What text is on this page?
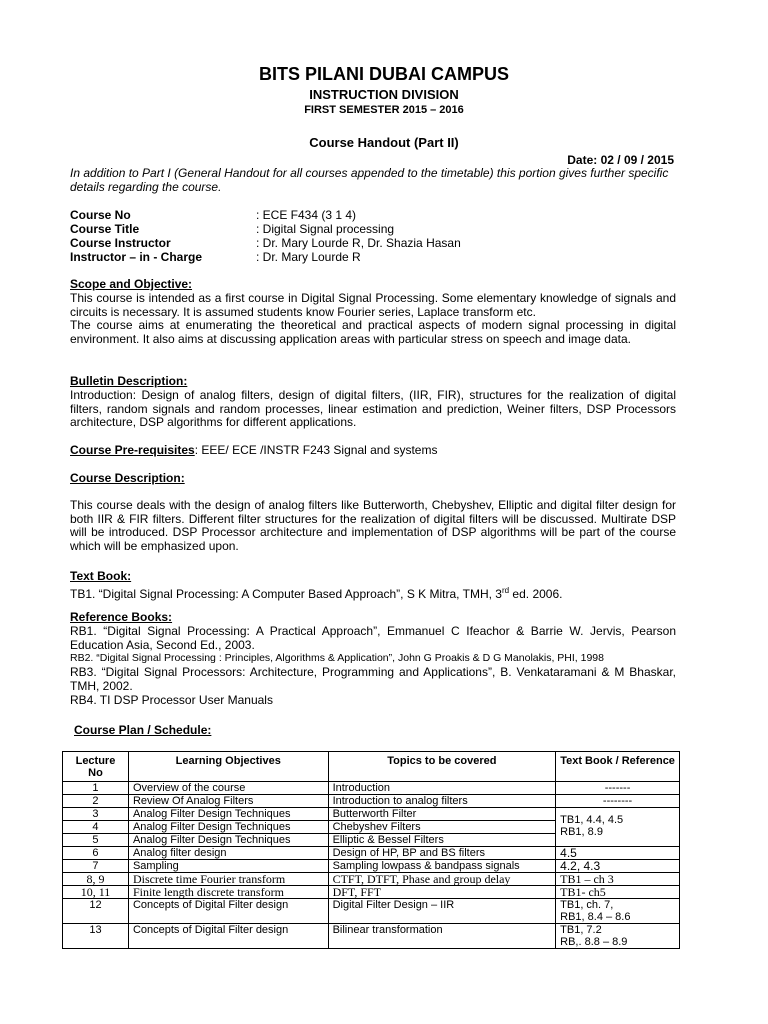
BITS PILANI DUBAI CAMPUS
INSTRUCTION DIVISION
FIRST SEMESTER 2015 – 2016
Course Handout (Part II)
Date: 02 / 09 / 2015
In addition to Part I (General Handout for all courses appended to the timetable) this portion gives further specific details regarding the course.
Course No	: ECE F434 (3 1 4)
Course Title	: Digital Signal processing
Course Instructor	: Dr. Mary Lourde R, Dr. Shazia Hasan
Instructor – in - Charge	: Dr. Mary Lourde R
Scope and Objective:
This course is intended as a first course in Digital Signal Processing. Some elementary knowledge of signals and circuits is necessary. It is assumed students know Fourier series, Laplace transform etc.
The course aims at enumerating the theoretical and practical aspects of modern signal processing in digital environment. It also aims at discussing application areas with particular stress on speech and image data.
Bulletin Description:
Introduction: Design of analog filters, design of digital filters, (IIR, FIR), structures for the realization of digital filters, random signals and random processes, linear estimation and prediction, Weiner filters, DSP Processors architecture, DSP algorithms for different applications.
Course Pre-requisites: EEE/ ECE /INSTR F243 Signal and systems
Course Description:
This course deals with the design of analog filters like Butterworth, Chebyshev, Elliptic and digital filter design for both IIR & FIR filters. Different filter structures for the realization of digital filters will be discussed. Multirate DSP will be introduced. DSP Processor architecture and implementation of DSP algorithms will be part of the course which will be emphasized upon.
Text Book:
TB1. “Digital Signal Processing: A Computer Based Approach”, S K Mitra, TMH, 3rd ed. 2006.
Reference Books:
RB1. “Digital Signal Processing: A Practical Approach”, Emmanuel C Ifeachor & Barrie W. Jervis, Pearson Education Asia, Second Ed., 2003.
RB2. “Digital Signal Processing : Principles, Algorithms & Application”, John G Proakis & D G Manolakis, PHI, 1998
RB3. “Digital Signal Processors: Architecture, Programming and Applications”, B. Venkataramani & M Bhaskar, TMH, 2002.
RB4. TI DSP Processor User Manuals
Course Plan / Schedule:
Lecture No	Learning Objectives	Topics to be covered	Text Book / Reference
1	Overview of the course	Introduction	-------
2	Review Of Analog Filters	Introduction to analog filters	--------
3	Analog Filter Design Techniques	Butterworth Filter	TB1, 4.4, 4.5
RB1, 8.9

4	Analog Filter Design Techniques	Chebyshev Filters	
5	Analog Filter Design Techniques	Elliptic & Bessel Filters	
6	Analog filter design	Design of HP, BP and BS filters	4.5
7	Sampling	Sampling lowpass & bandpass signals	4.2, 4.3
8, 9	Discrete time Fourier transform	CTFT, DTFT, Phase and group delay	TB1 – ch 3
10, 11	Finite length discrete transform	DFT, FFT	TB1- ch5
12	Concepts of Digital Filter design	Digital Filter Design – IIR	TB1, ch. 7,
RB1, 8.4 – 8.6

13	Concepts of Digital Filter design	Bilinear transformation	TB1, 7.2
RB,. 8.8 – 8.9
